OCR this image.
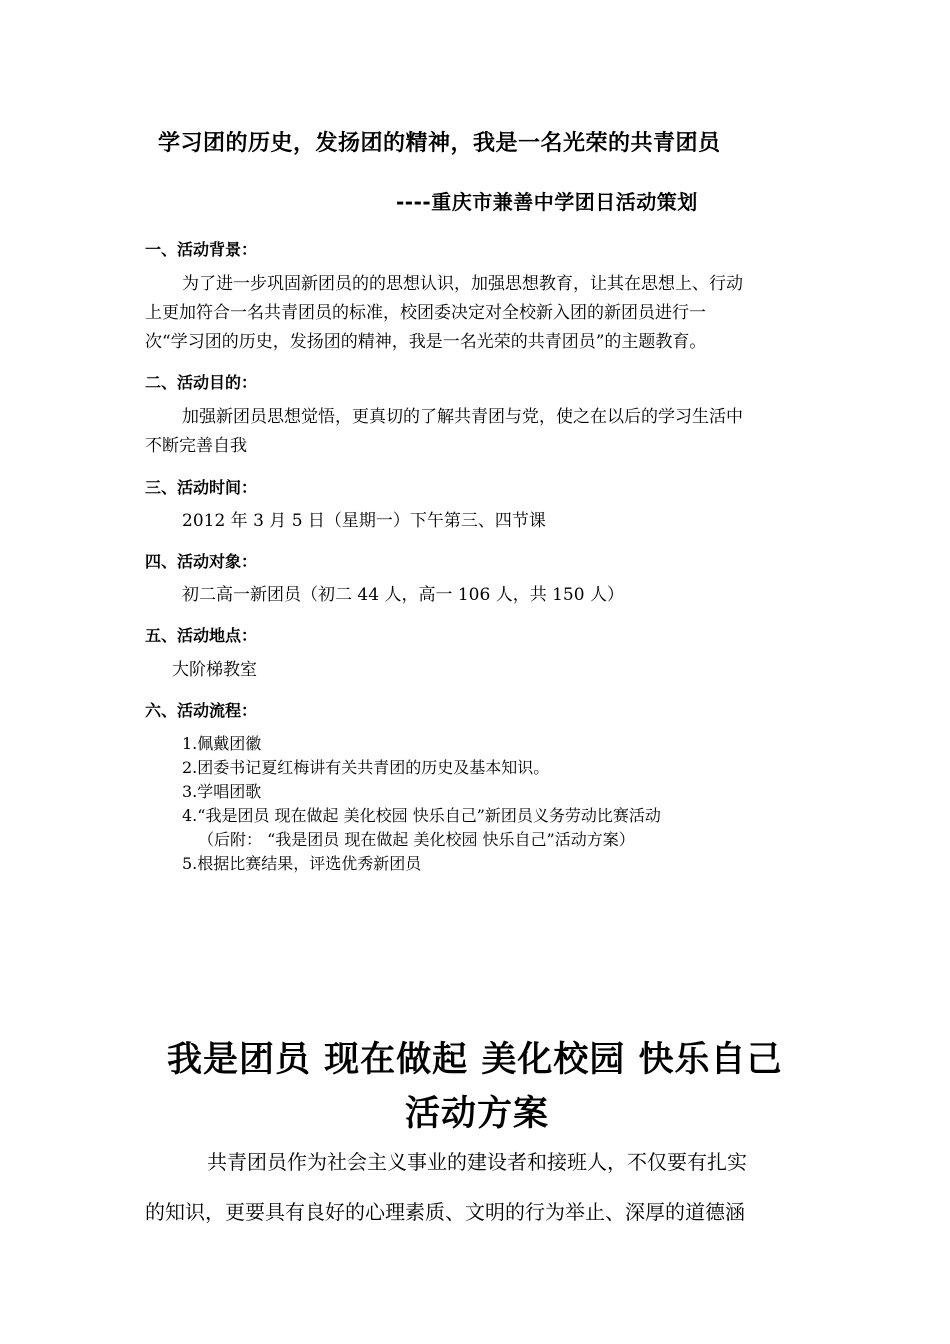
学习团的历史，发扬团的精神，我是一名光荣的共青团员
----重庆市兼善中学团日活动策划
一、活动背景：
为了进一步巩固新团员的的思想认识，加强思想教育，让其在思想上、行动
上更加符合一名共青团员的标准，校团委决定对全校新入团的新团员进行一
次“学习团的历史，发扬团的精神，我是一名光荣的共青团员”的主题教育。
二、活动目的：
加强新团员思想觉悟，更真切的了解共青团与党，使之在以后的学习生活中
不断完善自我
三、活动时间：
2012 年 3 月 5 日（星期一）下午第三、四节课
四、活动对象：
初二高一新团员（初二 44 人，高一 106 人，共 150 人）
五、活动地点：
大阶梯教室
六、活动流程：
1.佩戴团徽
2.团委书记夏红梅讲有关共青团的历史及基本知识。
3.学唱团歌
4.“我是团员 现在做起 美化校园 快乐自己”新团员义务劳动比赛活动
（后附： “我是团员 现在做起 美化校园 快乐自己”活动方案）
5.根据比赛结果，评选优秀新团员
我是团员 现在做起 美化校园 快乐自己
活动方案
共青团员作为社会主义事业的建设者和接班人，不仅要有扎实
的知识，更要具有良好的心理素质、文明的行为举止、深厚的道德涵
